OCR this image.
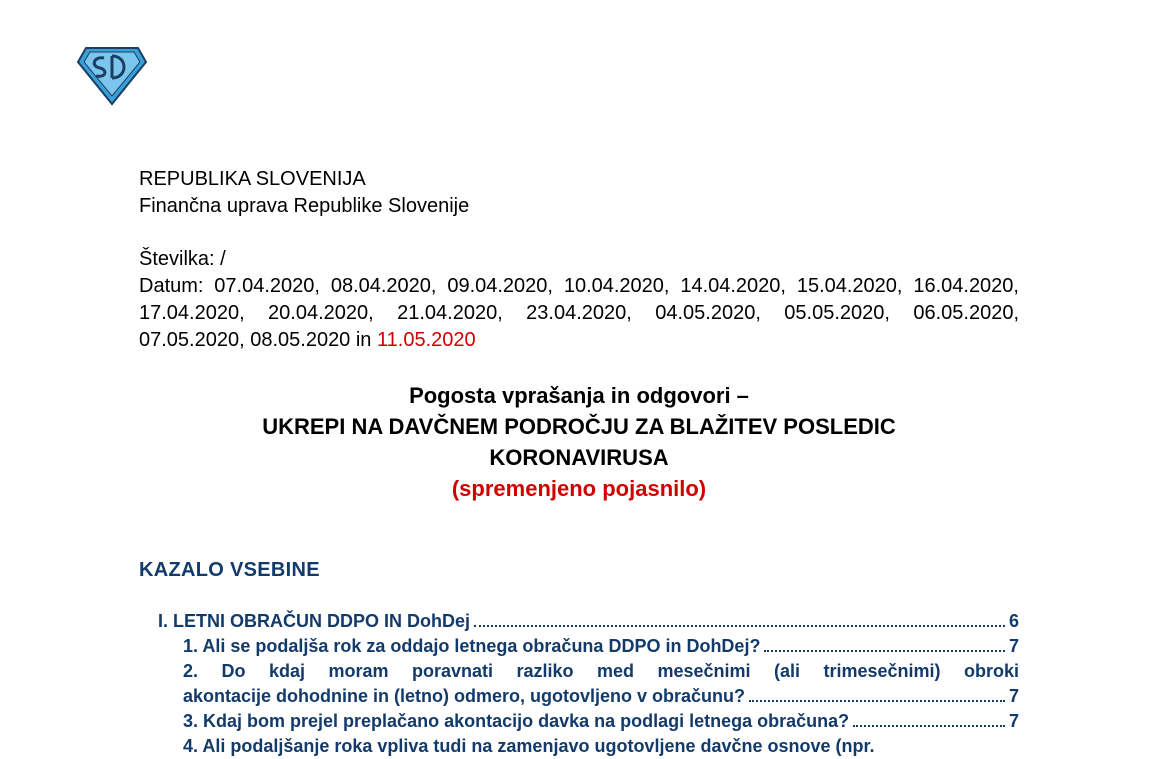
REPUBLIKA SLOVENIJA
Finančna uprava Republike Slovenije
Številka: /
Datum: 07.04.2020, 08.04.2020, 09.04.2020, 10.04.2020, 14.04.2020, 15.04.2020, 16.04.2020, 17.04.2020, 20.04.2020, 21.04.2020, 23.04.2020, 04.05.2020, 05.05.2020, 06.05.2020, 07.05.2020, 08.05.2020 in 11.05.2020
Pogosta vprašanja in odgovori –
UKREPI NA DAVČNEM PODROČJU ZA BLAŽITEV POSLEDIC
KORONAVIRUSA
(spremenjeno pojasnilo)
KAZALO VSEBINE
I. LETNI OBRAČUN DDPO IN DohDej	6
1. Ali se podaljša rok za oddajo letnega obračuna DDPO in DohDej?	7
2. Do kdaj moram poravnati razliko med mesečnimi (ali trimesečnimi) obroki
akontacije dohodnine in (letno) odmero, ugotovljeno v obračunu?	7
3. Kdaj bom prejel preplačano akontacijo davka na podlagi letnega obračuna?	7
4. Ali podaljšanje roka vpliva tudi na zamenjavo ugotovljene davčne osnove (npr.
